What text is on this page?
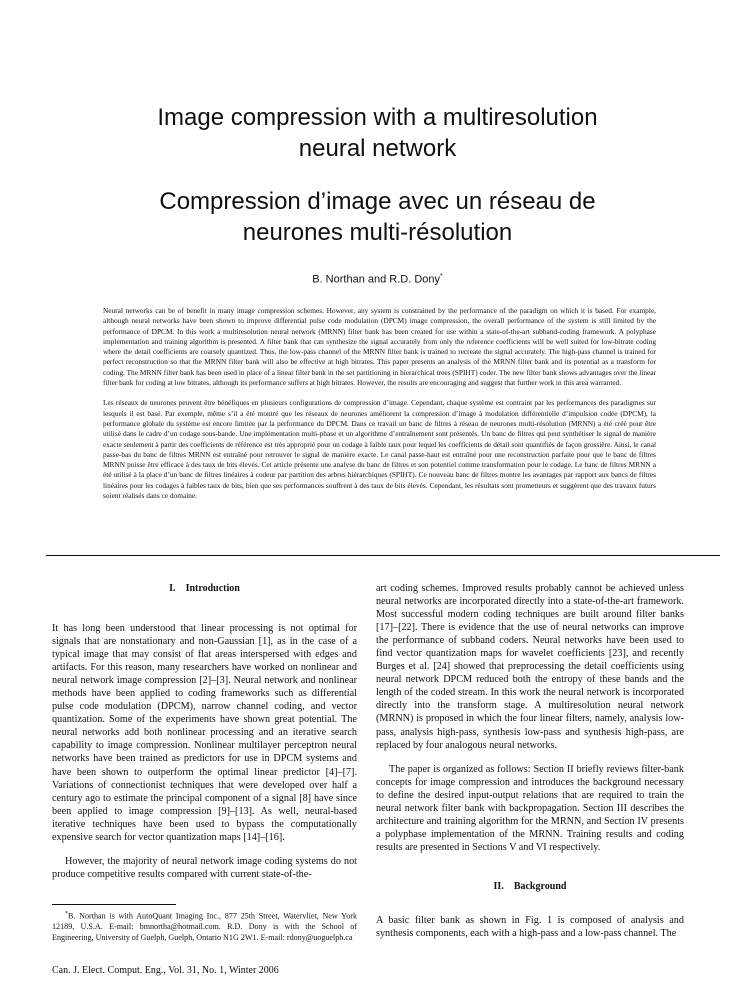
Image compression with a multiresolution neural network
Compression d’image avec un réseau de neurones multi-résolution
B. Northan and R.D. Dony*

Neural networks can be of benefit in many image compression schemes. However, any system is constrained by the performance of the paradigm on which it is based. For example, although neural networks have been shown to improve differential pulse code modulation (DPCM) image compression, the overall performance of the system is still limited by the performance of DPCM. In this work a multiresolution neural network (MRNN) filter bank has been created for use within a state-of-the-art subband-coding framework. A polyphase implementation and training algorithm is presented. A filter bank that can synthesize the signal accurately from only the reference coefficients will be well suited for low-bitrate coding where the detail coefficients are coarsely quantized. Thus, the low-pass channel of the MRNN filter bank is trained to recreate the signal accurately. The high-pass channel is trained for perfect reconstruction so that the MRNN filter bank will also be effective at high bitrates. This paper presents an analysis of the MRNN filter bank and its potential as a transform for coding. The MRNN filter bank has been used in place of a linear filter bank in the set partitioning in hierarchical trees (SPIHT) coder. The new filter bank shows advantages over the linear filter bank for coding at low bitrates, although its performance suffers at high bitrates. However, the results are encouraging and suggest that further work in this area warranted.

Les réseaux de neurones peuvent être bénéfiques en plusieurs configurations de compression d’image. Cependant, chaque système est contraint par les performances des paradigmes sur lesquels il est basé. Par exemple, même s’il a été montré que les réseaux de neurones améliorent la compression d’image à modulation différentielle d’impulsion codée (DPCM), la performance globale du système est encore limitée par la performance du DPCM. Dans ce travail un banc de filtres à réseau de neurones multi-résolution (MRNN) a été créé pour être utilisé dans le cadre d’un codage sous-bande. Une implémentation multi-phase et un algorithme d’entraînement sont présentés. Un banc de filtres qui peut synthétiser le signal de manière exacte seulement à partir des coefficients de référence est très approprié pour un codage à faible taux pour lequel les coefficients de détail sont quantifiés de façon grossière. Ainsi, le canal passe-bas du banc de filtres MRNN est entraîné pour retrouver le signal de manière exacte. Le canal passe-haut est entraîné pour une reconstruction parfaite pour que le banc de filtres MRNN puisse être efficace à des taux de bits élevés. Cet article présente une analyse du banc de filtres et son potentiel comme transformation pour le codage. Le banc de filtres MRNN a été utilisé à la place d’un banc de filtres linéaires à codeur par partition des arbres hiérarchiques (SPIHT). Ce nouveau banc de filtres montre les avantages par rapport aux bancs de filtres linéaires pour les codages à faibles taux de bits, bien que ses performances souffrent à des taux de bits élevés. Cependant, les résultats sont prometteurs et suggèrent que des travaux futurs soient réalisés dans ce domaine.

I. Introduction

It has long been understood that linear processing is not optimal for signals that are nonstationary and non-Gaussian [1], as in the case of a typical image that may consist of flat areas interspersed with edges and artifacts. For this reason, many researchers have worked on nonlinear and neural network image compression [2]–[3]. Neural network and nonlinear methods have been applied to coding frameworks such as differential pulse code modulation (DPCM), narrow channel coding, and vector quantization. Some of the experiments have shown great potential. The neural networks add both nonlinear processing and an iterative search capability to image compression. Nonlinear multilayer perceptron neural networks have been trained as predictors for use in DPCM systems and have been shown to outperform the optimal linear predictor [4]–[7]. Variations of connectionist techniques that were developed over half a century ago to estimate the principal component of a signal [8] have since been applied to image compression [9]–[13]. As well, neural-based iterative techniques have been used to bypass the computationally expensive search for vector quantization maps [14]–[16].

However, the majority of neural network image coding systems do not produce competitive results compared with current state-of-the-

art coding schemes. Improved results probably cannot be achieved unless neural networks are incorporated directly into a state-of-the-art framework. Most successful modern coding techniques are built around filter banks [17]–[22]. There is evidence that the use of neural networks can improve the performance of subband coders. Neural networks have been used to find vector quantization maps for wavelet coefficients [23], and recently Burges et al. [24] showed that preprocessing the detail coefficients using neural network DPCM reduced both the entropy of these bands and the length of the coded stream. In this work the neural network is incorporated directly into the transform stage. A multiresolution neural network (MRNN) is proposed in which the four linear filters, namely, analysis low-pass, analysis high-pass, synthesis low-pass and synthesis high-pass, are replaced by four analogous neural networks.

The paper is organized as follows: Section II briefly reviews filter-bank concepts for image compression and introduces the background necessary to define the desired input-output relations that are required to train the neural network filter bank with backpropagation. Section III describes the architecture and training algorithm for the MRNN, and Section IV presents a polyphase implementation of the MRNN. Training results and coding results are presented in Sections V and VI respectively.

II. Background

A basic filter bank as shown in Fig. 1 is composed of analysis and synthesis components, each with a high-pass and a low-pass channel. The

*B. Northan is with AutoQuant Imaging Inc., 877 25th Street, Watervliet, New York 12189, U.S.A. E-mail: bmnortha@hotmail.com. R.D. Dony is with the School of Engineering, University of Guelph, Guelph, Ontario N1G 2W1. E-mail: rdony@uoguelph.ca

Can. J. Elect. Comput. Eng., Vol. 31, No. 1, Winter 2006
